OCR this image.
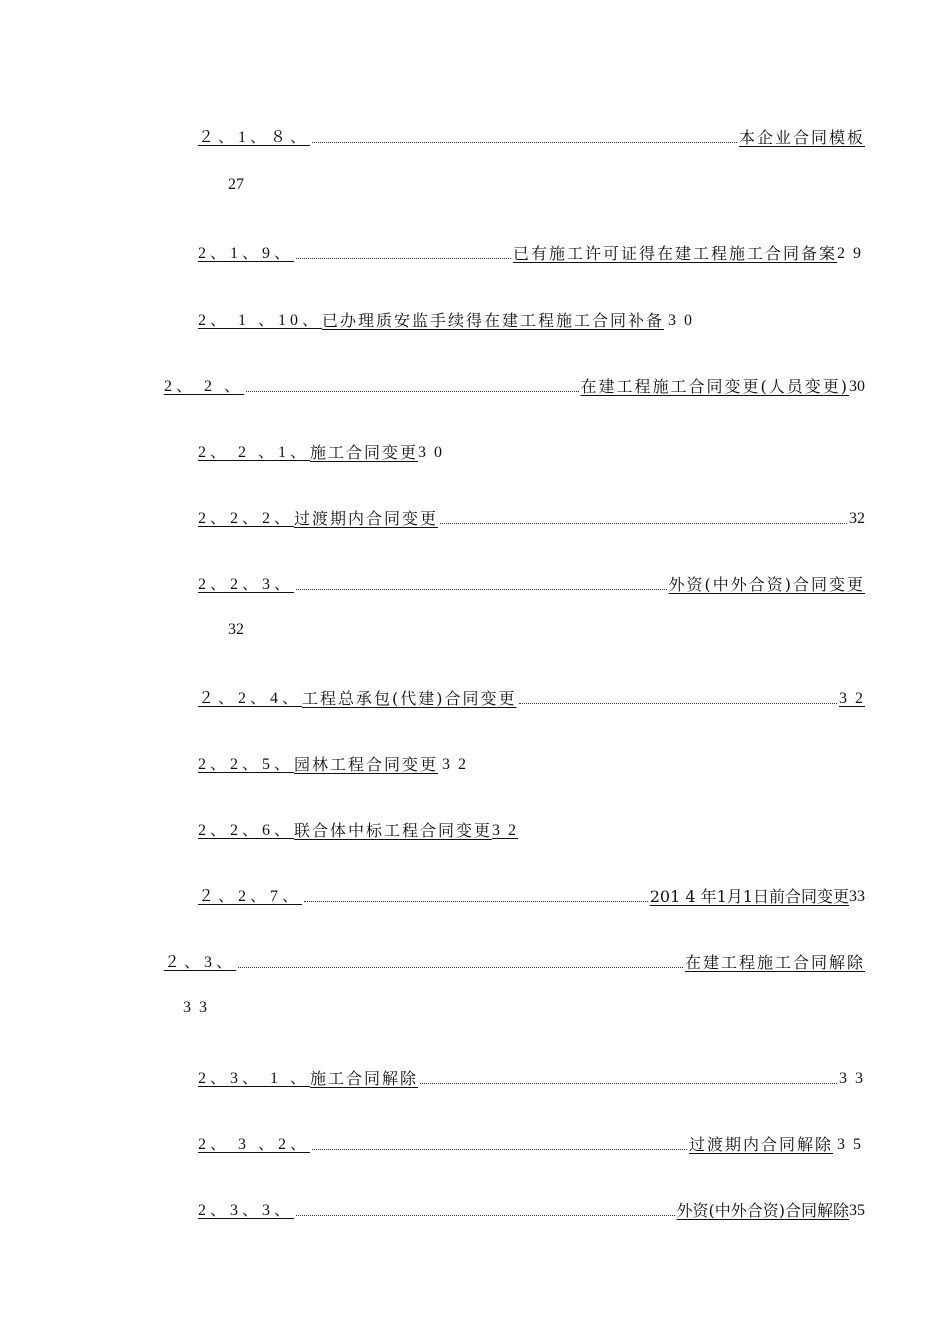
２、1、８、	本企业合同模板
27
2、1、9、	已有施工许可证得在建工程施工合同备案 2 9
2、 1 、10、 已办理质安监手续得在建工程施工合同补备 3 0
2、 2 、	在建工程施工合同变更(人员变更) 30
2、 2 、1、 施工合同变更 3 0
2、2、2、 过渡期内合同变更	32
2、2、3、	外资(中外合资)合同变更
32
２、2、4、 工程总承包(代建)合同变更	3 2
2、2、5、 园林工程合同变更 3 2
2、2、6、 联合体中标工程合同变更 3 2
２、2、7、	201 4 年1月1日前合同变更 33
２、3、	在建工程施工合同解除
3 3
2、3、 1 、 施工合同解除	3 3
2、 3 、2、	过渡期内合同解除 3 5
2、3、3、	外资(中外合资)合同解除 35
